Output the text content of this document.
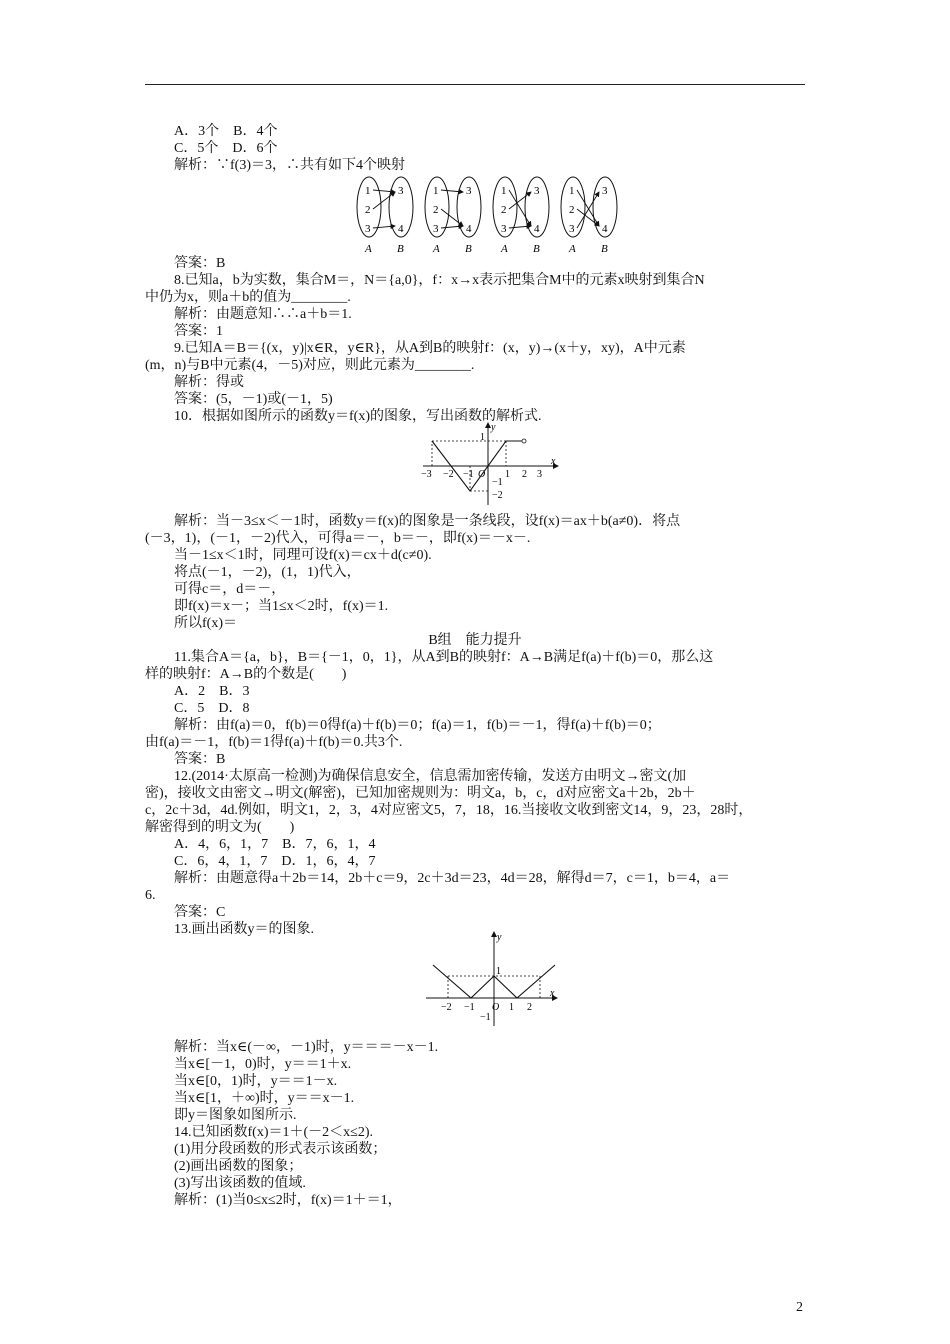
A．3个　B．4个
C．5个　D．6个
解析：∵f(3)＝3，∴共有如下4个映射
1
2
3
3
4
A B
1
2
3
3
4
A B
1
2
3
3
4
A B
1
2
3
3
4
A B
答案：B
8.已知a，b为实数，集合M＝，N＝{a,0}，f：x→x表示把集合M中的元素x映射到集合N
中仍为x，则a＋b的值为________.
解析：由题意知∴∴a＋b＝1.
答案：1
9.已知A＝B＝{(x，y)|x∈R，y∈R}，从A到B的映射f：(x，y)→(x＋y，xy)，A中元素
(m，n)与B中元素(4，－5)对应，则此元素为________.
解析：得或
答案：(5，－1)或(－1，5)
10．根据如图所示的函数y＝f(x)的图象，写出函数的解析式.
x
y
O
−3 −2 −1	1 2 3
1
−1
−2
解析：当－3≤x＜－1时，函数y＝f(x)的图象是一条线段，设f(x)＝ax＋b(a≠0)．将点
(－3，1)，(－1，－2)代入，可得a＝－，b＝－，即f(x)＝－x－.
当－1≤x＜1时，同理可设f(x)＝cx＋d(c≠0).
将点(－1，－2)，(1，1)代入，
可得c＝，d＝－，
即f(x)＝x－；当1≤x＜2时，f(x)＝1.
所以f(x)＝
B组　能力提升
11.集合A＝{a，b}，B＝{－1，0，1}，从A到B的映射f：A→B满足f(a)＋f(b)＝0，那么这
样的映射f：A→B的个数是(　　)
A．2　B．3
C．5　D．8
解析：由f(a)＝0，f(b)＝0得f(a)＋f(b)＝0；f(a)＝1，f(b)＝－1，得f(a)＋f(b)＝0；
由f(a)＝－1，f(b)＝1得f(a)＋f(b)＝0.共3个.
答案：B
12.(2014·太原高一检测)为确保信息安全，信息需加密传输，发送方由明文→密文(加
密)，接收文由密文→明文(解密)，已知加密规则为：明文a，b，c，d对应密文a＋2b，2b＋
c，2c＋3d，4d.例如，明文1，2，3，4对应密文5，7，18，16.当接收文收到密文14，9，23，28时，
解密得到的明文为(　　)
A．4，6，1，7　B．7，6，1，4
C．6，4，1，7　D．1，6，4，7
解析：由题意得a＋2b＝14，2b＋c＝9，2c＋3d＝23，4d＝28，解得d＝7，c＝1，b＝4，a＝
6.
答案：C
13.画出函数y＝的图象.
x
y
O
−2 −1	1 2
1
−1
解析：当x∈(－∞，－1)时，y＝＝＝－x－1.
当x∈[－1，0)时，y＝＝1＋x.
当x∈[0，1)时，y＝＝1－x.
当x∈[1，＋∞)时，y＝＝x－1.
即y＝图象如图所示.
14.已知函数f(x)＝1＋(－2＜x≤2).
(1)用分段函数的形式表示该函数；
(2)画出函数的图象；
(3)写出该函数的值域.
解析：(1)当0≤x≤2时，f(x)＝1＋＝1，
2
